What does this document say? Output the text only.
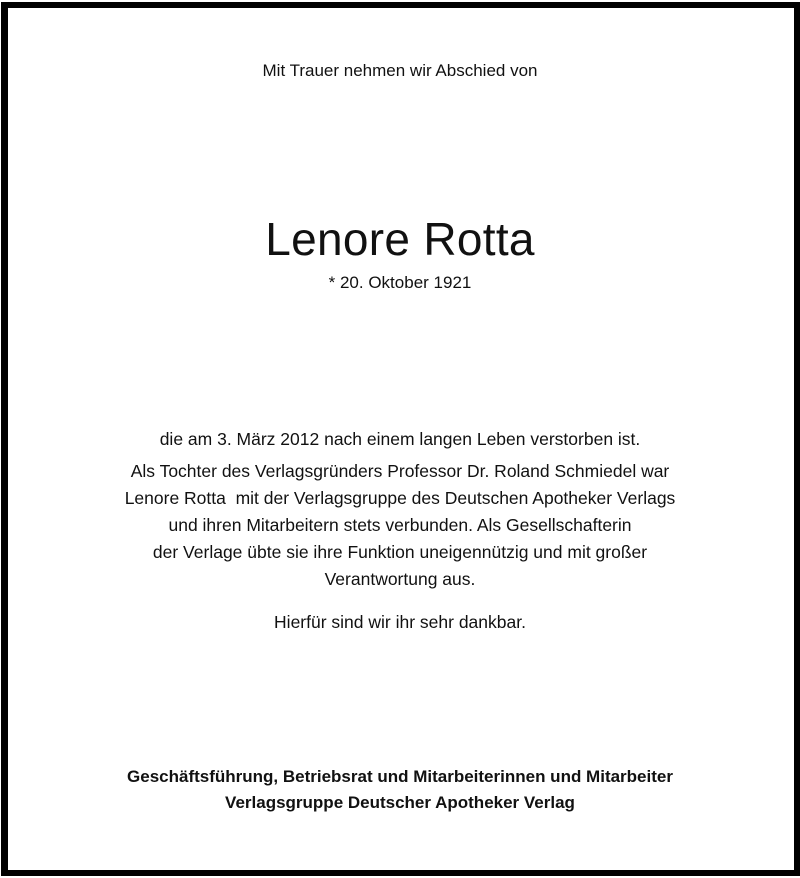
Mit Trauer nehmen wir Abschied von
Lenore Rotta
* 20. Oktober 1921
die am 3. März 2012 nach einem langen Leben verstorben ist.
Als Tochter des Verlagsgründers Professor Dr. Roland Schmiedel war
Lenore Rotta  mit der Verlagsgruppe des Deutschen Apotheker Verlags
und ihren Mitarbeitern stets verbunden. Als Gesellschafterin
der Verlage übte sie ihre Funktion uneigennützig und mit großer
Verantwortung aus.
Hierfür sind wir ihr sehr dankbar.
Geschäftsführung, Betriebsrat und Mitarbeiterinnen und Mitarbeiter
Verlagsgruppe Deutscher Apotheker Verlag
